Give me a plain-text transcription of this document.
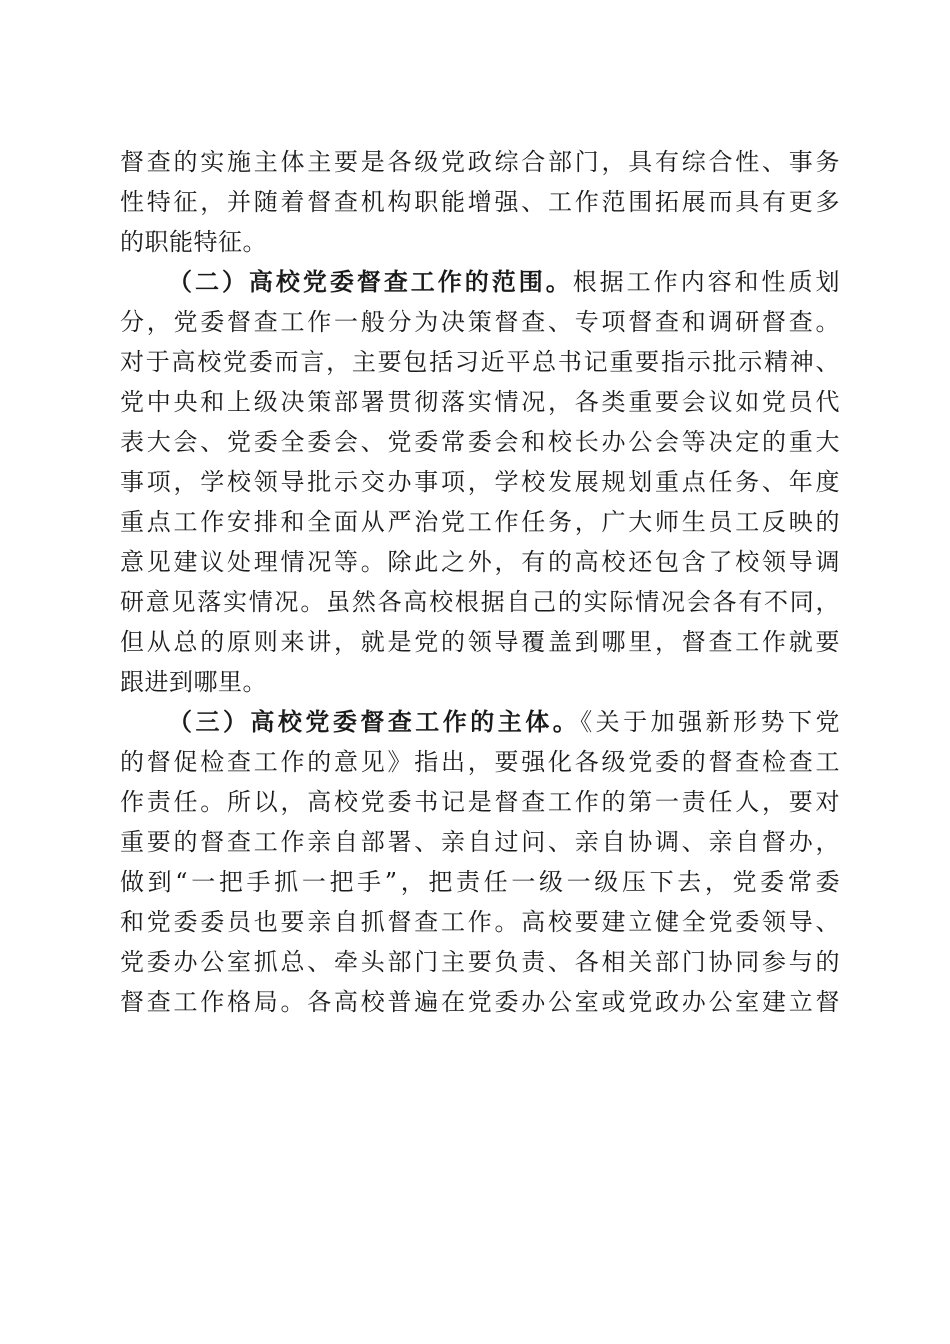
督查的实施主体主要是各级党政综合部门，具有综合性、事务
性特征，并随着督查机构职能增强、工作范围拓展而具有更多
的职能特征。
（二）高校党委督查工作的范围。根据工作内容和性质划
分，党委督查工作一般分为决策督查、专项督查和调研督查。
对于高校党委而言，主要包括习近平总书记重要指示批示精神、
党中央和上级决策部署贯彻落实情况，各类重要会议如党员代
表大会、党委全委会、党委常委会和校长办公会等决定的重大
事项，学校领导批示交办事项，学校发展规划重点任务、年度
重点工作安排和全面从严治党工作任务，广大师生员工反映的
意见建议处理情况等。除此之外，有的高校还包含了校领导调
研意见落实情况。虽然各高校根据自己的实际情况会各有不同，
但从总的原则来讲，就是党的领导覆盖到哪里，督查工作就要
跟进到哪里。
（三）高校党委督查工作的主体。《关于加强新形势下党
的督促检查工作的意见》指出，要强化各级党委的督查检查工
作责任。所以，高校党委书记是督查工作的第一责任人，要对
重要的督查工作亲自部署、亲自过问、亲自协调、亲自督办，
做到“一把手抓一把手”，把责任一级一级压下去，党委常委
和党委委员也要亲自抓督查工作。高校要建立健全党委领导、
党委办公室抓总、牵头部门主要负责、各相关部门协同参与的
督查工作格局。各高校普遍在党委办公室或党政办公室建立督
